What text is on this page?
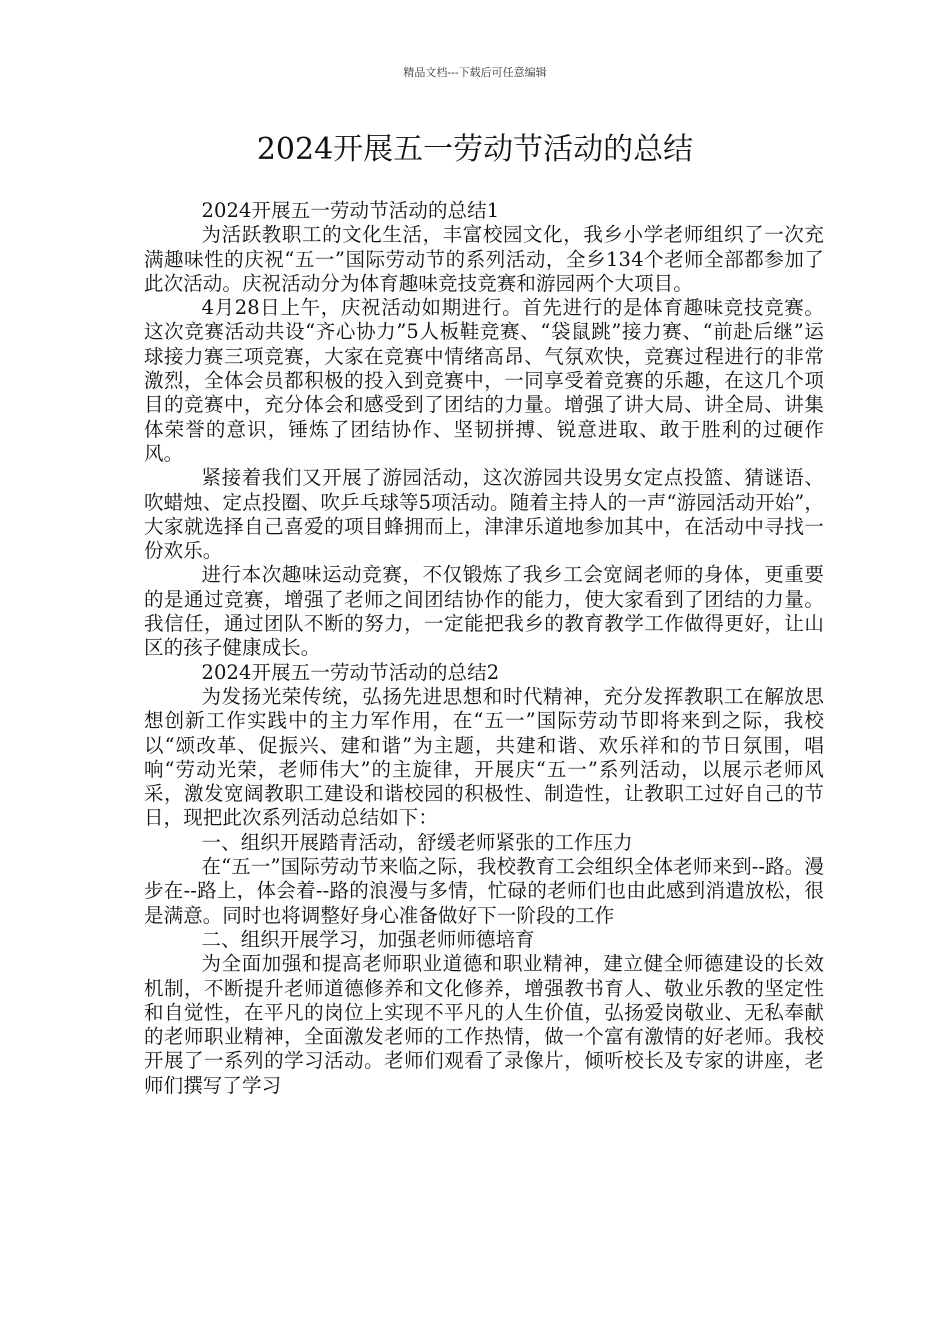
精品文档---下载后可任意编辑
2024开展五一劳动节活动的总结

2024开展五一劳动节活动的总结1

为活跃教职工的文化生活，丰富校园文化，我乡小学老师组织了一次充满趣味性的庆祝“五一”国际劳动节的系列活动，全乡134个老师全部都参加了此次活动。庆祝活动分为体育趣味竞技竞赛和游园两个大项目。

4月28日上午，庆祝活动如期进行。首先进行的是体育趣味竞技竞赛。这次竞赛活动共设“齐心协力”5人板鞋竞赛、“袋鼠跳”接力赛、“前赴后继”运球接力赛三项竞赛，大家在竞赛中情绪高昂、气氛欢快，竞赛过程进行的非常激烈，全体会员都积极的投入到竞赛中，一同享受着竞赛的乐趣，在这几个项目的竞赛中，充分体会和感受到了团结的力量。增强了讲大局、讲全局、讲集体荣誉的意识，锤炼了团结协作、坚韧拼搏、锐意进取、敢于胜利的过硬作风。

紧接着我们又开展了游园活动，这次游园共设男女定点投篮、猜谜语、吹蜡烛、定点投圈、吹乒乓球等5项活动。随着主持人的一声“游园活动开始”，大家就选择自己喜爱的项目蜂拥而上，津津乐道地参加其中，在活动中寻找一份欢乐。

进行本次趣味运动竞赛，不仅锻炼了我乡工会宽阔老师的身体，更重要的是通过竞赛，增强了老师之间团结协作的能力，使大家看到了团结的力量。我信任，通过团队不断的努力，一定能把我乡的教育教学工作做得更好，让山区的孩子健康成长。

2024开展五一劳动节活动的总结2

为发扬光荣传统，弘扬先进思想和时代精神，充分发挥教职工在解放思想创新工作实践中的主力军作用，在“五一”国际劳动节即将来到之际，我校以“颂改革、促振兴、建和谐”为主题，共建和谐、欢乐祥和的节日氛围，唱响“劳动光荣，老师伟大”的主旋律，开展庆“五一”系列活动，以展示老师风采，激发宽阔教职工建设和谐校园的积极性、制造性，让教职工过好自己的节日，现把此次系列活动总结如下：

一、组织开展踏青活动，舒缓老师紧张的工作压力

在“五一”国际劳动节来临之际，我校教育工会组织全体老师来到--路。漫步在--路上，体会着--路的浪漫与多情，忙碌的老师们也由此感到消遣放松，很是满意。同时也将调整好身心准备做好下一阶段的工作

二、组织开展学习，加强老师师德培育

为全面加强和提高老师职业道德和职业精神，建立健全师德建设的长效机制，不断提升老师道德修养和文化修养，增强教书育人、敬业乐教的坚定性和自觉性，在平凡的岗位上实现不平凡的人生价值，弘扬爱岗敬业、无私奉献的老师职业精神，全面激发老师的工作热情，做一个富有激情的好老师。我校开展了一系列的学习活动。老师们观看了录像片，倾听校长及专家的讲座，老师们撰写了学习
